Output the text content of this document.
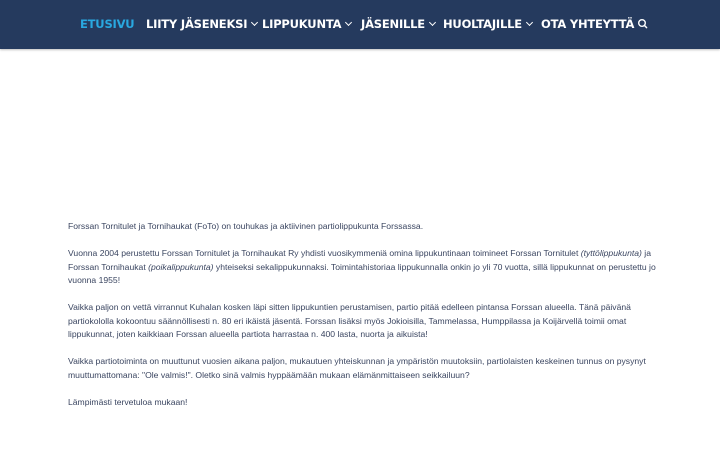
ETUSIVU LIITY JÄSENEKSI	LIPPUKUNTA	JÄSENILLE	HUOLTAJILLE	OTA YHTEYTTÄ

Forssan Tornitulet ja Tornihaukat (FoTo) on touhukas ja aktiivinen partiolippukunta Forssassa.

Vuonna 2004 perustettu Forssan Tornitulet ja Tornihaukat Ry yhdisti vuosikymmeniä omina lippukuntinaan toimineet Forssan Tornitulet (tyttölippukunta) ja Forssan Tornihaukat (poikalippukunta) yhteiseksi sekalippukunnaksi. Toimintahistoriaa lippukunnalla onkin jo yli 70 vuotta, sillä lippukunnat on perustettu jo vuonna 1955!

Vaikka paljon on vettä virrannut Kuhalan kosken läpi sitten lippukuntien perustamisen, partio pitää edelleen pintansa Forssan alueella. Tänä päivänä partiokololla kokoontuu säännöllisesti n. 80 eri ikäistä jäsentä. Forssan lisäksi myös Jokioisilla, Tammelassa, Humppilassa ja Koijärvellä toimii omat lippukunnat, joten kaikkiaan Forssan alueella partiota harrastaa n. 400 lasta, nuorta ja aikuista!

Vaikka partiotoiminta on muuttunut vuosien aikana paljon, mukautuen yhteiskunnan ja ympäristön muutoksiin, partiolaisten keskeinen tunnus on pysynyt muuttumattomana: "Ole valmis!". Oletko sinä valmis hyppäämään mukaan elämänmittaiseen seikkailuun?

Lämpimästi tervetuloa mukaan!
